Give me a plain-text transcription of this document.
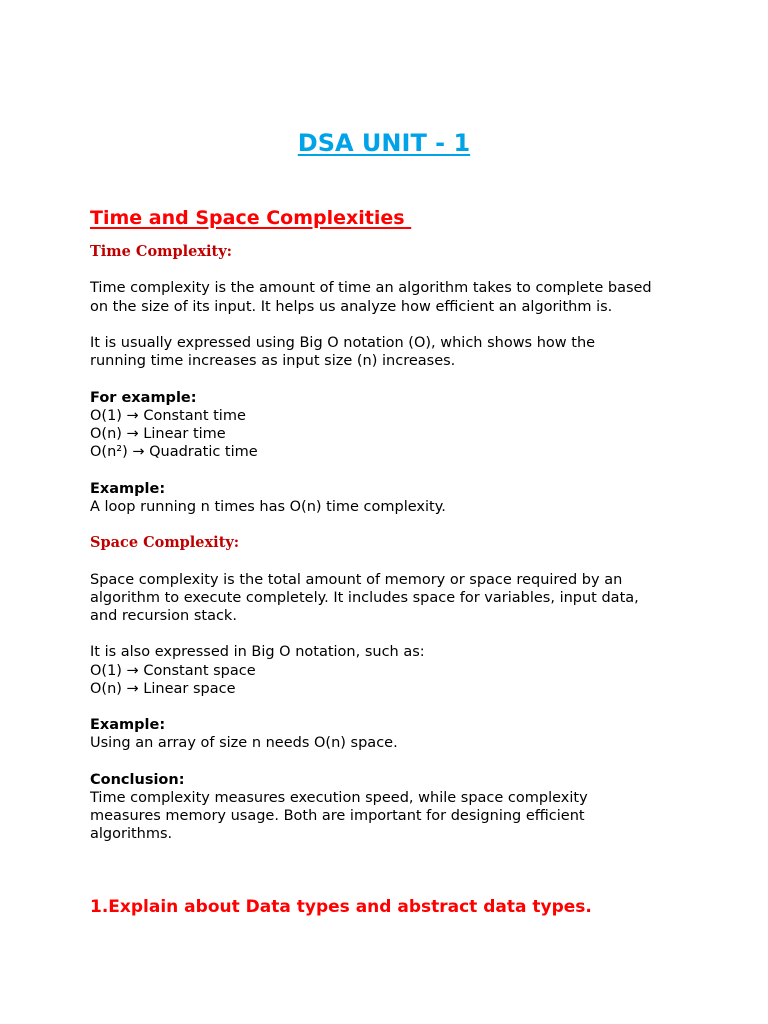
DSA UNIT - 1
Time and Space Complexities

Time Complexity:

Time complexity is the amount of time an algorithm takes to complete based

on the size of its input. It helps us analyze how efficient an algorithm is.

It is usually expressed using Big O notation (O), which shows how the

running time increases as input size (n) increases.

For example:

O(1) → Constant time

O(n) → Linear time

O(n²) → Quadratic time

Example:

A loop running n times has O(n) time complexity.

Space Complexity:

Space complexity is the total amount of memory or space required by an

algorithm to execute completely. It includes space for variables, input data,

and recursion stack.

It is also expressed in Big O notation, such as:

O(1) → Constant space

O(n) → Linear space

Example:

Using an array of size n needs O(n) space.

Conclusion:

Time complexity measures execution speed, while space complexity

measures memory usage. Both are important for designing efficient

algorithms.

1.Explain about Data types and abstract data types.
